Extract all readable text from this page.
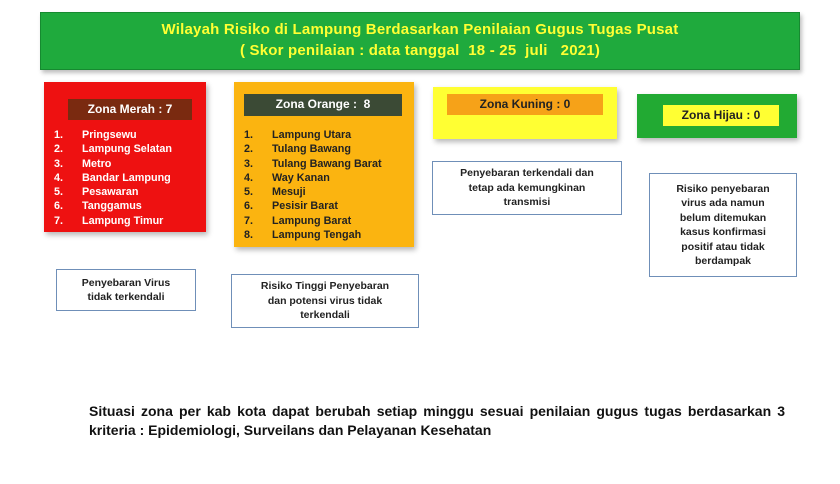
Wilayah Risiko di Lampung Berdasarkan Penilaian Gugus Tugas Pusat
( Skor penilaian : data tanggal  18 - 25  juli   2021)
Zona Merah : 7
1. Pringsewu
2. Lampung Selatan
3. Metro
4. Bandar Lampung
5. Pesawaran
6. Tanggamus
7. Lampung Timur
Zona Orange :  8
1. Lampung Utara
2. Tulang Bawang
3. Tulang Bawang Barat
4. Way Kanan
5. Mesuji
6. Pesisir Barat
7. Lampung Barat
8. Lampung Tengah
Zona Kuning : 0
Zona Hijau : 0
Penyebaran Virus
tidak terkendali
Risiko Tinggi Penyebaran
dan potensi virus tidak
terkendali
Penyebaran terkendali dan
tetap ada kemungkinan
transmisi
Risiko penyebaran
virus ada namun
belum ditemukan
kasus konfirmasi
positif atau tidak
berdampak
Situasi zona per kab kota dapat berubah setiap minggu sesuai penilaian gugus tugas berdasarkan 3 kriteria : Epidemiologi, Surveilans dan Pelayanan Kesehatan
